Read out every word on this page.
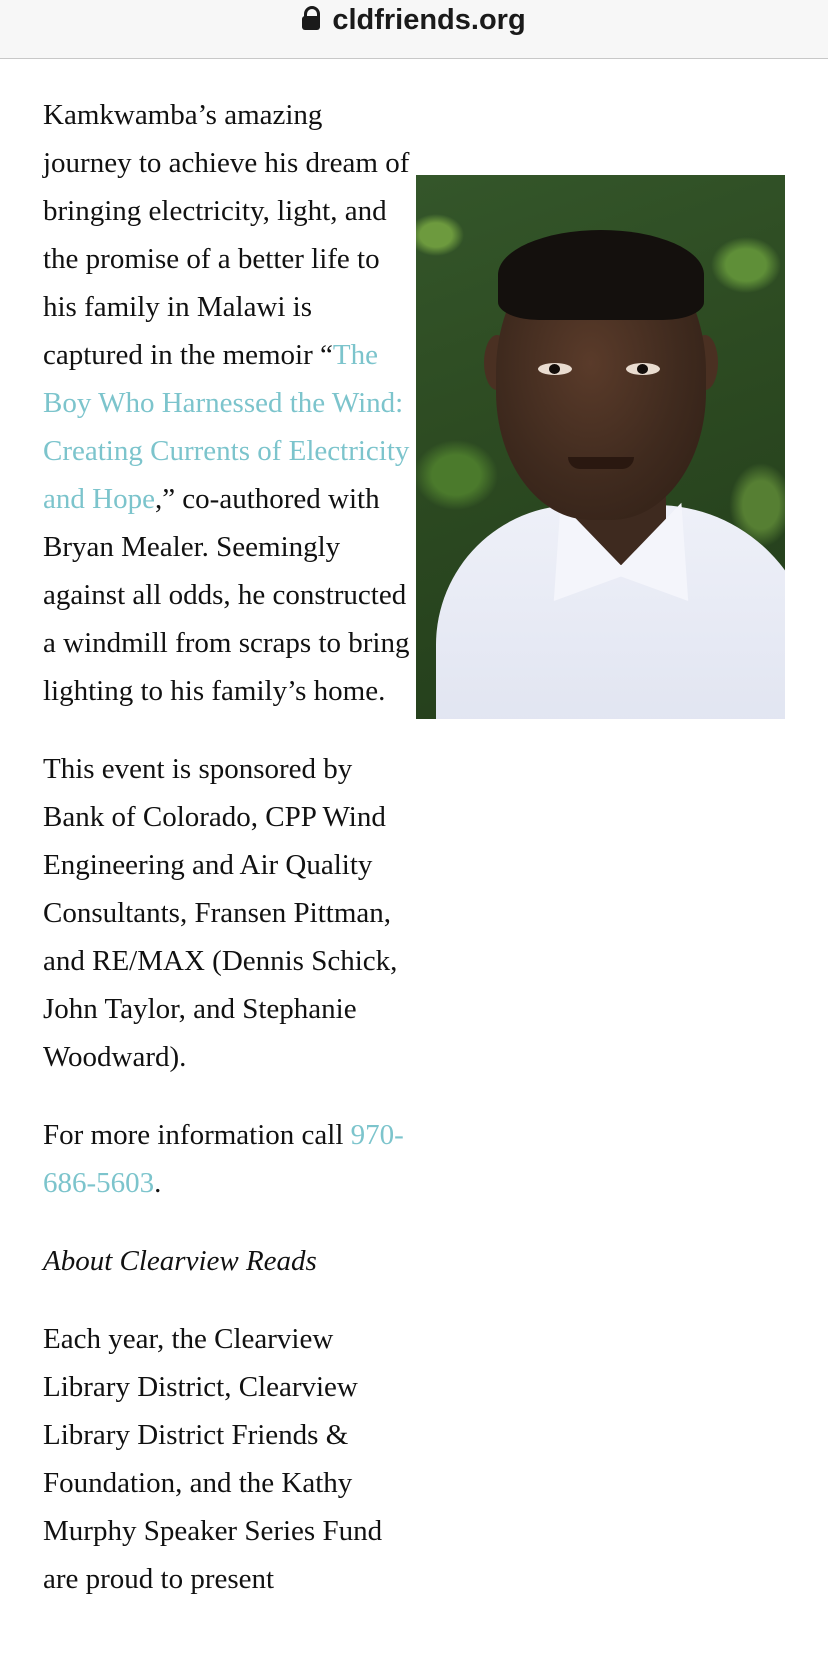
cldfriends.org

Kamkwamba’s amazing journey to achieve his dream of bringing electricity, light, and the promise of a better life to his family in Malawi is captured in the memoir “The Boy Who Harnessed the Wind: Creating Currents of Electricity and Hope,” co-authored with Bryan Mealer. Seemingly against all odds, he constructed a windmill from scraps to bring lighting to his family’s home.

This event is sponsored by Bank of Colorado, CPP Wind Engineering and Air Quality Consultants, Fransen Pittman, and RE/MAX (Dennis Schick, John Taylor, and Stephanie Woodward).

For more information call 970-686-5603.

About Clearview Reads

Each year, the Clearview Library District, Clearview Library District Friends & Foundation, and the Kathy Murphy Speaker Series Fund are proud to present
